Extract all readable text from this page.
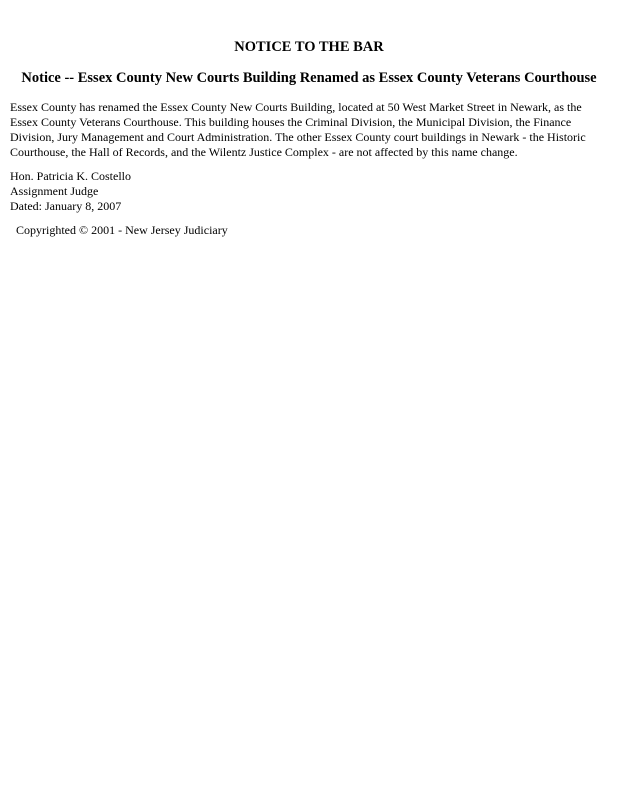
NOTICE TO THE BAR
Notice -- Essex County New Courts Building Renamed as Essex County Veterans Courthouse

Essex County has renamed the Essex County New Courts Building, located at 50 West Market Street in Newark, as the
Essex County Veterans Courthouse. This building houses the Criminal Division, the Municipal Division, the Finance
Division, Jury Management and Court Administration. The other Essex County court buildings in Newark - the Historic
Courthouse, the Hall of Records, and the Wilentz Justice Complex - are not affected by this name change.

Hon. Patricia K. Costello
Assignment Judge
Dated: January 8, 2007
Copyrighted © 2001 - New Jersey Judiciary
